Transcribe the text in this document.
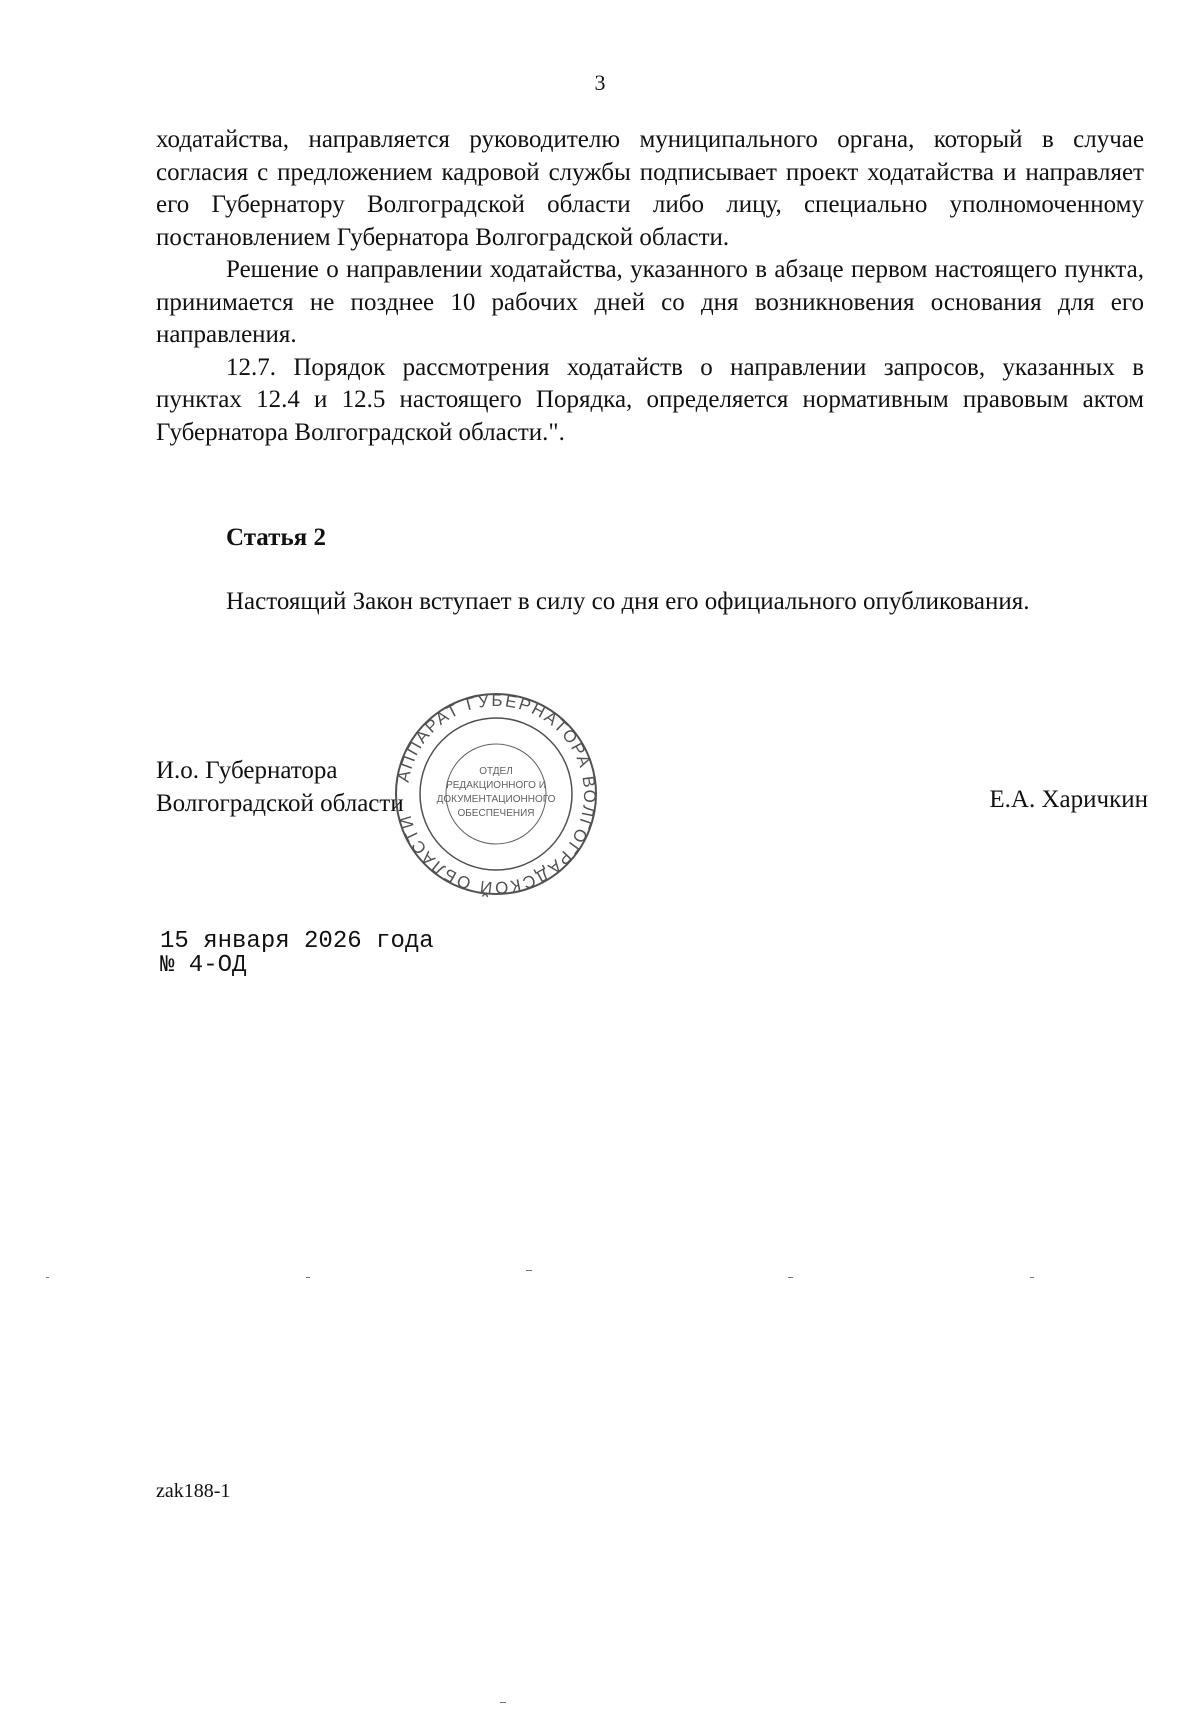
3

ходатайства, направляется руководителю муниципального органа, который в случае согласия с предложением кадровой службы подписывает проект ходатайства и направляет его Губернатору Волгоградской области либо лицу, специально уполномоченному постановлением Губернатора Волгоградской области.

Решение о направлении ходатайства, указанного в абзаце первом настоящего пункта, принимается не позднее 10 рабочих дней со дня возникновения основания для его направления.

12.7. Порядок рассмотрения ходатайств о направлении запросов, указанных в пунктах 12.4 и 12.5 настоящего Порядка, определяется нормативным правовым актом Губернатора Волгоградской области.".

Статья 2

Настоящий Закон вступает в силу со дня его официального опубликования.

И.о. Губернатора
Волгоградской области
АППАРАТ ГУБЕРНАТОРА ВОЛГОГРАДСКОЙ ОБЛАСТИ
ОТДЕЛ
РЕДАКЦИОННОГО И
ДОКУМЕНТАЦИОННОГО
ОБЕСПЕЧЕНИЯ
Е.А. Харичкин
15 января 2026 года
№ 4-ОД
zak188-1
